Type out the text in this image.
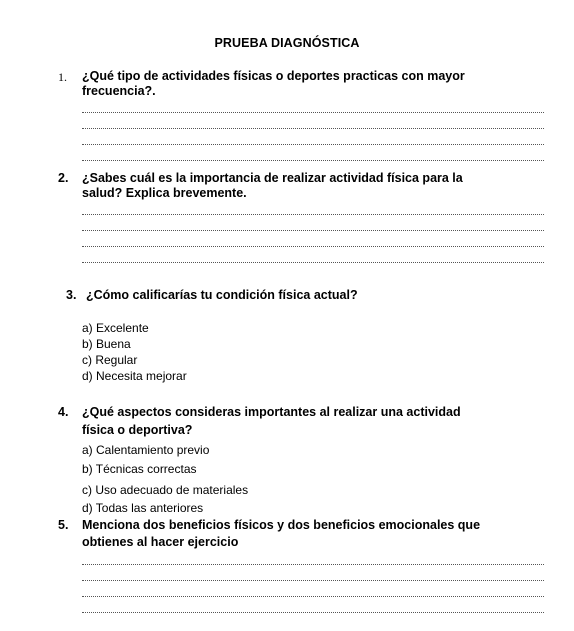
PRUEBA DIAGNÓSTICA
1. ¿Qué tipo de actividades físicas o deportes practicas con mayor
frecuencia?.
2. ¿Sabes cuál es la importancia de realizar actividad física para la
salud? Explica brevemente.
3. ¿Cómo calificarías tu condición física actual?
a) Excelente
b) Buena
c) Regular
d) Necesita mejorar
4. ¿Qué aspectos consideras importantes al realizar una actividad
física o deportiva?
a) Calentamiento previo
b) Técnicas correctas
c) Uso adecuado de materiales
d) Todas las anteriores
5. Menciona dos beneficios físicos y dos beneficios emocionales que
obtienes al hacer ejercicio
